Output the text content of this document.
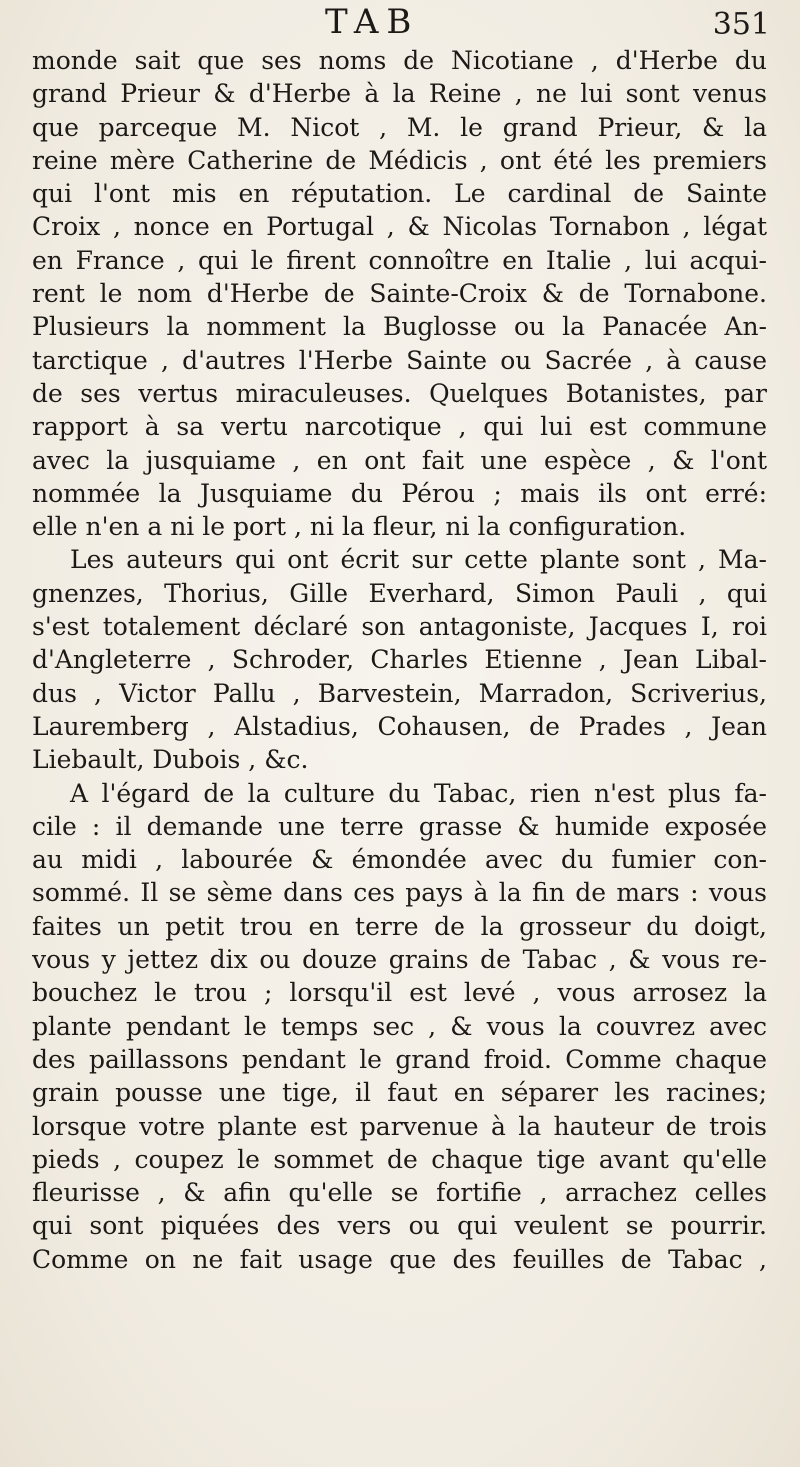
TAB	351
monde sait que ses noms de Nicotiane , d'Herbe du
grand Prieur & d'Herbe à la Reine , ne lui sont venus
que parceque M. Nicot , M. le grand Prieur, & la
reine mère Catherine de Médicis , ont été les premiers
qui l'ont mis en réputation. Le cardinal de Sainte
Croix , nonce en Portugal , & Nicolas Tornabon , légat
en France , qui le firent connoître en Italie , lui acqui-
rent le nom d'Herbe de Sainte-Croix & de Tornabone.
Plusieurs la nomment la Buglosse ou la Panacée An-
tarctique , d'autres l'Herbe Sainte ou Sacrée , à cause
de ses vertus miraculeuses. Quelques Botanistes, par
rapport à sa vertu narcotique , qui lui est commune
avec la jusquiame , en ont fait une espèce , & l'ont
nommée la Jusquiame du Pérou ; mais ils ont erré:
elle n'en a ni le port , ni la fleur, ni la configuration.
Les auteurs qui ont écrit sur cette plante sont , Ma-
gnenzes, Thorius, Gille Everhard, Simon Pauli , qui
s'est totalement déclaré son antagoniste, Jacques I, roi
d'Angleterre , Schroder, Charles Etienne , Jean Libal-
dus , Victor Pallu , Barvestein, Marradon, Scriverius,
Lauremberg , Alstadius, Cohausen, de Prades , Jean
Liebault, Dubois , &c.
A l'égard de la culture du Tabac, rien n'est plus fa-
cile : il demande une terre grasse & humide exposée
au midi , labourée & émondée avec du fumier con-
sommé. Il se sème dans ces pays à la fin de mars : vous
faites un petit trou en terre de la grosseur du doigt,
vous y jettez dix ou douze grains de Tabac , & vous re-
bouchez le trou ; lorsqu'il est levé , vous arrosez la
plante pendant le temps sec , & vous la couvrez avec
des paillassons pendant le grand froid. Comme chaque
grain pousse une tige, il faut en séparer les racines;
lorsque votre plante est parvenue à la hauteur de trois
pieds , coupez le sommet de chaque tige avant qu'elle
fleurisse , & afin qu'elle se fortifie , arrachez celles
qui sont piquées des vers ou qui veulent se pourrir.
Comme on ne fait usage que des feuilles de Tabac ,
